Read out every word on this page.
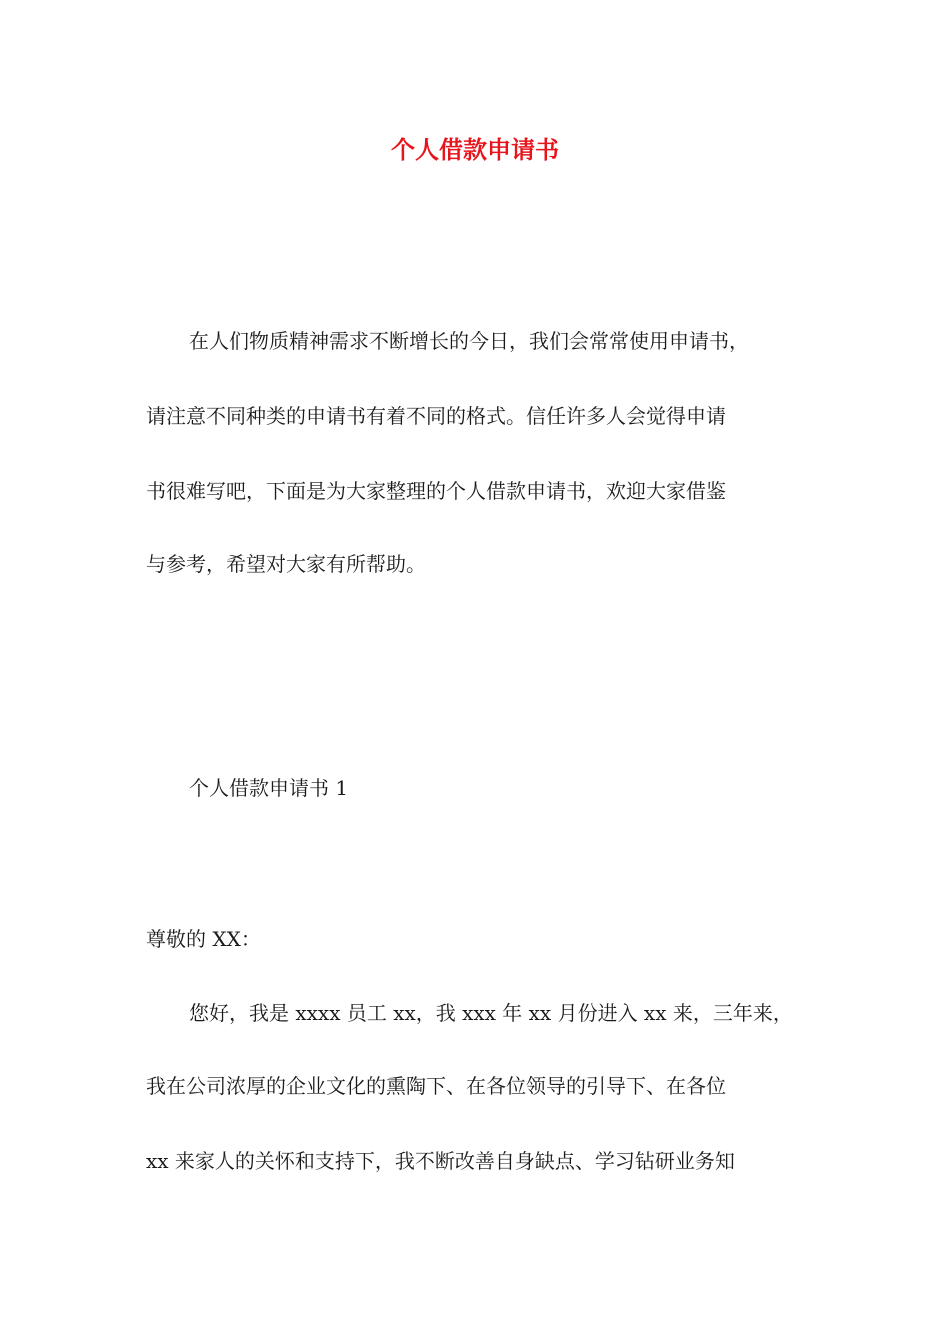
个人借款申请书

在人们物质精神需求不断增长的今日，我们会常常使用申请书，

请注意不同种类的申请书有着不同的格式。信任许多人会觉得申请

书很难写吧，下面是为大家整理的个人借款申请书，欢迎大家借鉴

与参考，希望对大家有所帮助。

个人借款申请书 1

尊敬的 XX：

您好，我是 xxxx 员工 xx，我 xxx 年 xx 月份进入 xx 来，三年来，

我在公司浓厚的企业文化的熏陶下、在各位领导的引导下、在各位

xx 来家人的关怀和支持下，我不断改善自身缺点、学习钻研业务知
